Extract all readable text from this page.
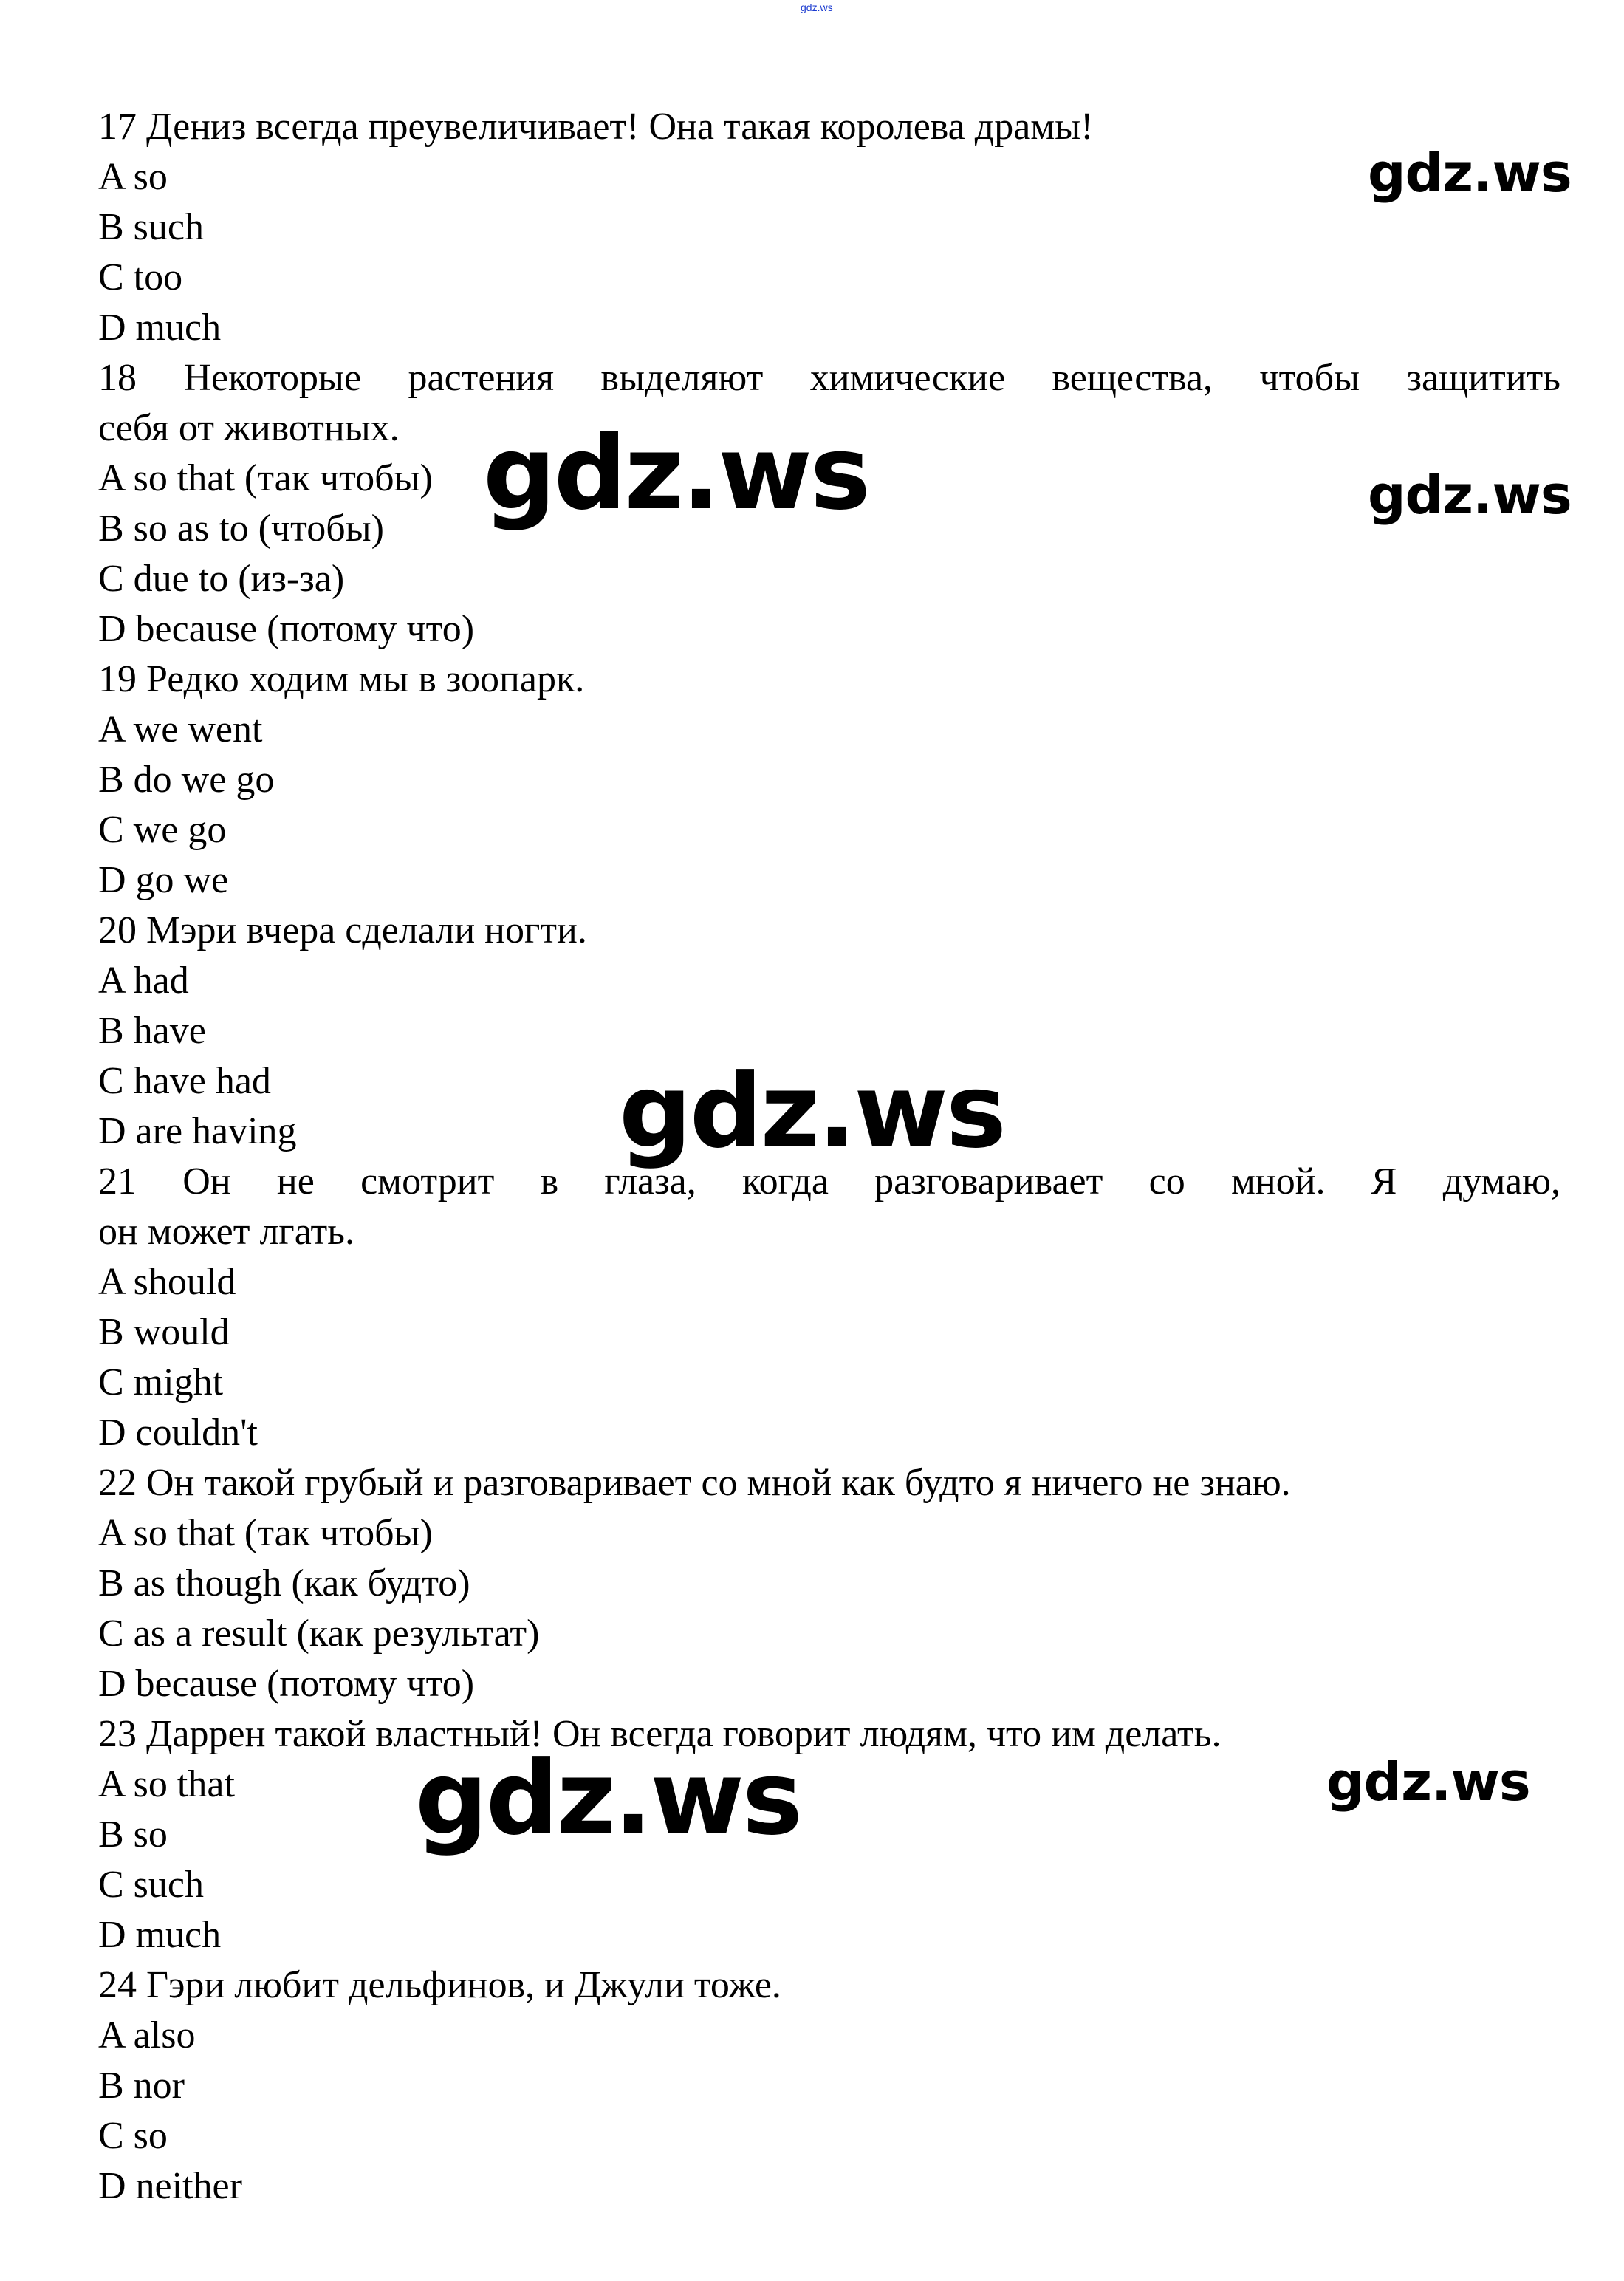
gdz.ws
17 Дениз всегда преувеличивает! Она такая королева драмы!
A so
B such
C too
D much
18 Некоторые растения выделяют химические вещества, чтобы защитить
себя от животных.
A so that (так чтобы)
B so as to (чтобы)
C due to (из-за)
D because (потому что)
19 Редко ходим мы в зоопарк.
A we went
B do we go
C we go
D go we
20 Мэри вчера сделали ногти.
A had
B have
C have had
D are having
21 Он не смотрит в глаза, когда разговаривает со мной. Я думаю,
он может лгать.
A should
B would
C might
D couldn't
22 Он такой грубый и разговаривает со мной как будто я ничего не знаю.
A so that (так чтобы)
B as though (как будто)
C as a result (как результат)
D because (потому что)
23 Даррен такой властный! Он всегда говорит людям, что им делать.
A so that
B so
C such
D much
24 Гэри любит дельфинов, и Джули тоже.
A also
B nor
C so
D neither
gdz.ws
gdz.ws	gdz.ws
gdz.ws
gdz.ws
gdz.ws
